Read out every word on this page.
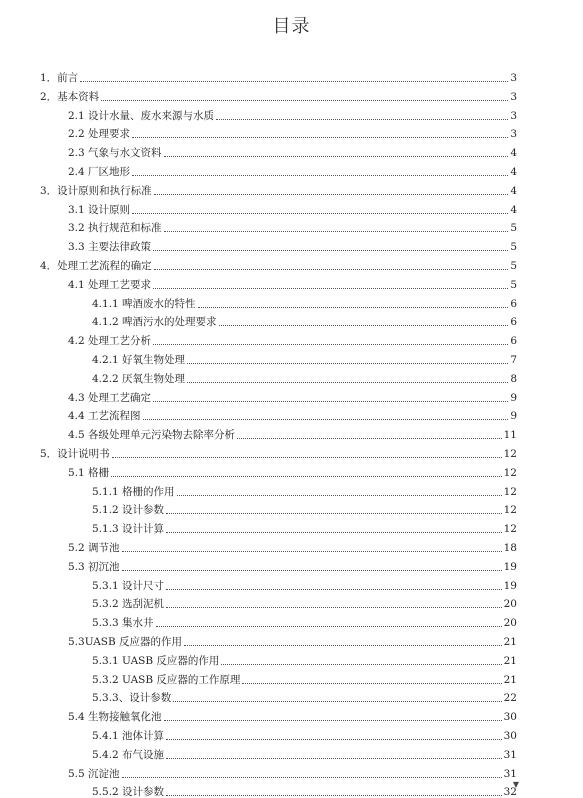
目录
1．前言	3
2．基本资料	3
2.1 设计水量、废水来源与水质	3
2.2 处理要求	3
2.3 气象与水文资料	4
2.4 厂区地形	4
3．设计原则和执行标准	4
3.1 设计原则	4
3.2 执行规范和标准	5
3.3 主要法律政策	5
4．处理工艺流程的确定	5
4.1 处理工艺要求	5
4.1.1 啤酒废水的特性	6
4.1.2 啤酒污水的处理要求	6
4.2 处理工艺分析	6
4.2.1 好氧生物处理	7
4.2.2 厌氧生物处理	8
4.3 处理工艺确定	9
4.4 工艺流程图	9
4.5 各级处理单元污染物去除率分析	11
5．设计说明书	12
5.1 格栅	12
5.1.1 格栅的作用	12
5.1.2 设计参数	12
5.1.3 设计计算	12
5.2 调节池	18
5.3 初沉池	19
5.3.1 设计尺寸	19
5.3.2 选刮泥机	20
5.3.3 集水井	20
5.3UASB 反应器的作用	21
5.3.1 UASB 反应器的作用	21
5.3.2 UASB 反应器的工作原理	21
5.3.3、设计参数	22
5.4 生物接触氧化池	30
5.4.1 池体计算	30
5.4.2 布气设施	31
5.5 沉淀池	31
5.5.2 设计参数	32
▼
